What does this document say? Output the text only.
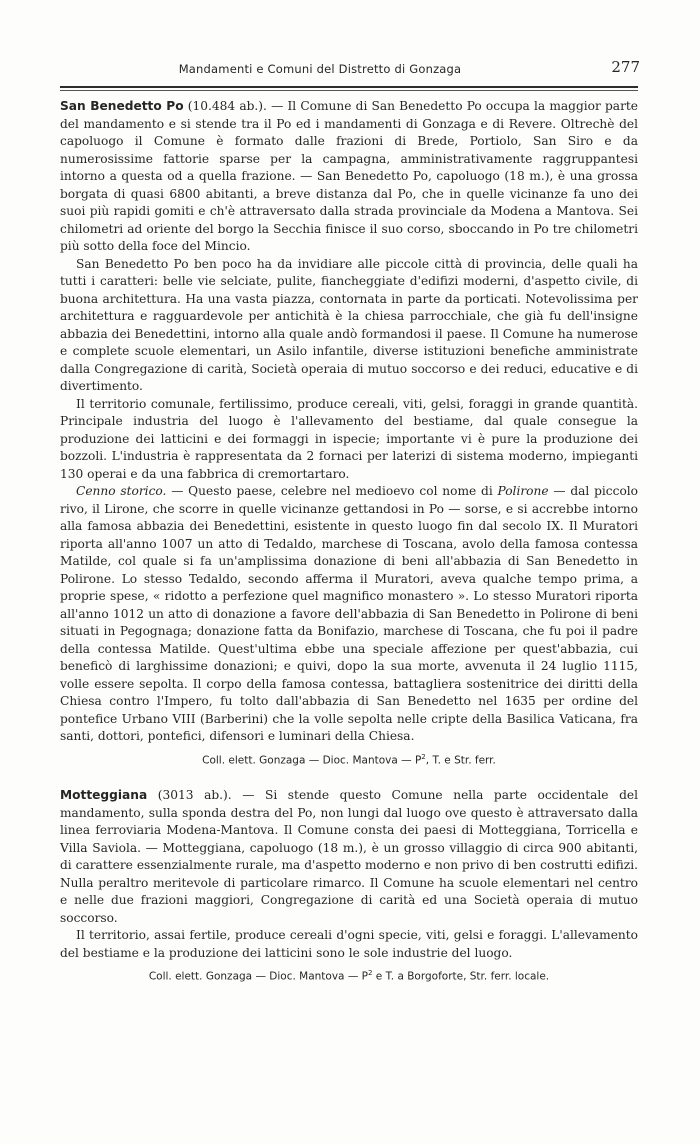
Mandamenti e Comuni del Distretto di Gonzaga	277

San Benedetto Po (10.484 ab.). — Il Comune di San Benedetto Po occupa la maggior parte del mandamento e si stende tra il Po ed i mandamenti di Gonzaga e di Revere. Oltrechè del capoluogo il Comune è formato dalle frazioni di Brede, Portiolo, San Siro e da numerosissime fattorie sparse per la campagna, amministrativamente raggruppantesi intorno a questa od a quella frazione. — San Benedetto Po, capoluogo (18 m.), è una grossa borgata di quasi 6800 abitanti, a breve distanza dal Po, che in quelle vicinanze fa uno dei suoi più rapidi gomiti e ch'è attraversato dalla strada provinciale da Modena a Mantova. Sei chilometri ad oriente del borgo la Secchia finisce il suo corso, sboccando in Po tre chilometri più sotto della foce del Mincio.

San Benedetto Po ben poco ha da invidiare alle piccole città di provincia, delle quali ha tutti i caratteri: belle vie selciate, pulite, fiancheggiate d'edifizi moderni, d'aspetto civile, di buona architettura. Ha una vasta piazza, contornata in parte da porticati. Notevolissima per architettura e ragguardevole per antichità è la chiesa parrocchiale, che già fu dell'insigne abbazia dei Benedettini, intorno alla quale andò formandosi il paese. Il Comune ha numerose e complete scuole elementari, un Asilo infantile, diverse istituzioni benefiche amministrate dalla Congregazione di carità, Società operaia di mutuo soccorso e dei reduci, educative e di divertimento.

Il territorio comunale, fertilissimo, produce cereali, viti, gelsi, foraggi in grande quantità. Principale industria del luogo è l'allevamento del bestiame, dal quale consegue la produzione dei latticini e dei formaggi in ispecie; importante vi è pure la produzione dei bozzoli. L'industria è rappresentata da 2 fornaci per laterizi di sistema moderno, impieganti 130 operai e da una fabbrica di cremortartaro.

Cenno storico. — Questo paese, celebre nel medioevo col nome di Polirone — dal piccolo rivo, il Lirone, che scorre in quelle vicinanze gettandosi in Po — sorse, e si accrebbe intorno alla famosa abbazia dei Benedettini, esistente in questo luogo fin dal secolo IX. Il Muratori riporta all'anno 1007 un atto di Tedaldo, marchese di Toscana, avolo della famosa contessa Matilde, col quale si fa un'amplissima donazione di beni all'abbazia di San Benedetto in Polirone. Lo stesso Tedaldo, secondo afferma il Muratori, aveva qualche tempo prima, a proprie spese, « ridotto a perfezione quel magnifico monastero ». Lo stesso Muratori riporta all'anno 1012 un atto di donazione a favore dell'abbazia di San Benedetto in Polirone di beni situati in Pegognaga; donazione fatta da Bonifazio, marchese di Toscana, che fu poi il padre della contessa Matilde. Quest'ultima ebbe una speciale affezione per quest'abbazia, cui beneficò di larghissime donazioni; e quivi, dopo la sua morte, avvenuta il 24 luglio 1115, volle essere sepolta. Il corpo della famosa contessa, battagliera sostenitrice dei diritti della Chiesa contro l'Impero, fu tolto dall'abbazia di San Benedetto nel 1635 per ordine del pontefice Urbano VIII (Barberini) che la volle sepolta nelle cripte della Basilica Vaticana, fra santi, dottori, pontefici, difensori e luminari della Chiesa.

Coll. elett. Gonzaga — Dioc. Mantova — $P^2$, T. e Str. ferr.

Motteggiana (3013 ab.). — Si stende questo Comune nella parte occidentale del mandamento, sulla sponda destra del Po, non lungi dal luogo ove questo è attraversato dalla linea ferroviaria Modena-Mantova. Il Comune consta dei paesi di Motteggiana, Torricella e Villa Saviola. — Motteggiana, capoluogo (18 m.), è un grosso villaggio di circa 900 abitanti, di carattere essenzialmente rurale, ma d'aspetto moderno e non privo di ben costrutti edifizi. Nulla peraltro meritevole di particolare rimarco. Il Comune ha scuole elementari nel centro e nelle due frazioni maggiori, Congregazione di carità ed una Società operaia di mutuo soccorso.

Il territorio, assai fertile, produce cereali d'ogni specie, viti, gelsi e foraggi. L'allevamento del bestiame e la produzione dei latticini sono le sole industrie del luogo.

Coll. elett. Gonzaga — Dioc. Mantova — $P^2$ e T. a Borgoforte, Str. ferr. locale.
